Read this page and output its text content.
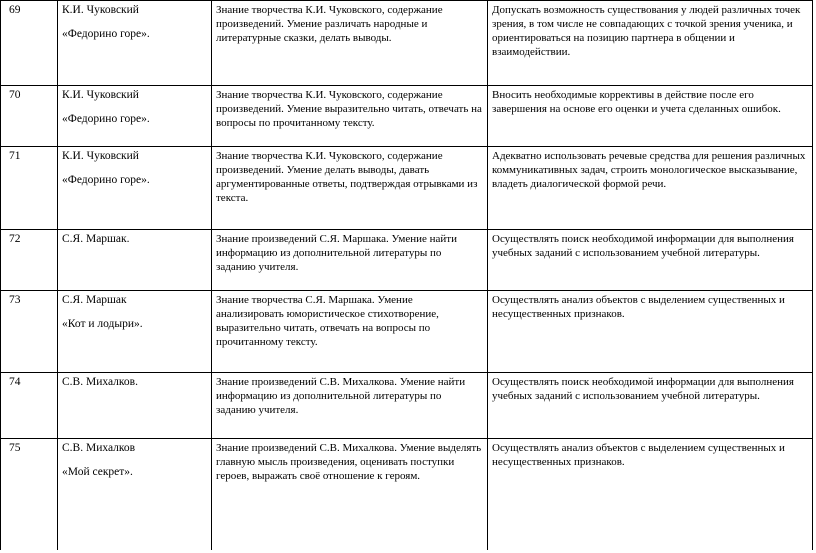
69	К.И. Чуковский

«Федорино горе».	Знание творчества К.И. Чуковского, содержание произведений. Умение различать народные и литературные сказки, делать выводы.	Допускать возможность существования у людей различных точек зрения, в том числе не совпадающих с точкой зрения ученика, и ориентироваться на позицию партнера в общении и взаимодействии.
70	К.И. Чуковский

«Федорино горе».	Знание творчества К.И. Чуковского, содержание произведений. Умение выразительно читать, отвечать на вопросы по прочитанному тексту.	Вносить необходимые коррективы в действие после его завершения на основе его оценки и учета сделанных ошибок.
71	К.И. Чуковский

«Федорино горе».	Знание творчества К.И. Чуковского, содержание произведений. Умение делать выводы, давать аргументированные ответы, подтверждая отрывками из текста.	Адекватно использовать речевые средства для решения различных коммуникативных задач, строить монологическое высказывание, владеть диалогической формой речи.
72	С.Я. Маршак.	Знание произведений С.Я. Маршака. Умение найти информацию из дополнительной литературы по заданию учителя.	Осуществлять поиск необходимой информации для выполнения учебных заданий с использованием учебной литературы.
73	С.Я. Маршак

«Кот и лодыри».	Знание творчества С.Я. Маршака. Умение анализировать юмористическое стихотворение, выразительно читать, отвечать на вопросы по прочитанному тексту.	Осуществлять анализ объектов с выделением существенных и несущественных признаков.
74	С.В. Михалков.	Знание произведений С.В. Михалкова. Умение найти информацию из дополнительной литературы по заданию учителя.	Осуществлять поиск необходимой информации для выполнения учебных заданий с использованием учебной литературы.
75	С.В. Михалков

«Мой секрет».	Знание произведений С.В. Михалкова. Умение выделять главную мысль произведения, оценивать поступки героев, выражать своё отношение к героям.	Осуществлять анализ объектов с выделением существенных и несущественных признаков.
